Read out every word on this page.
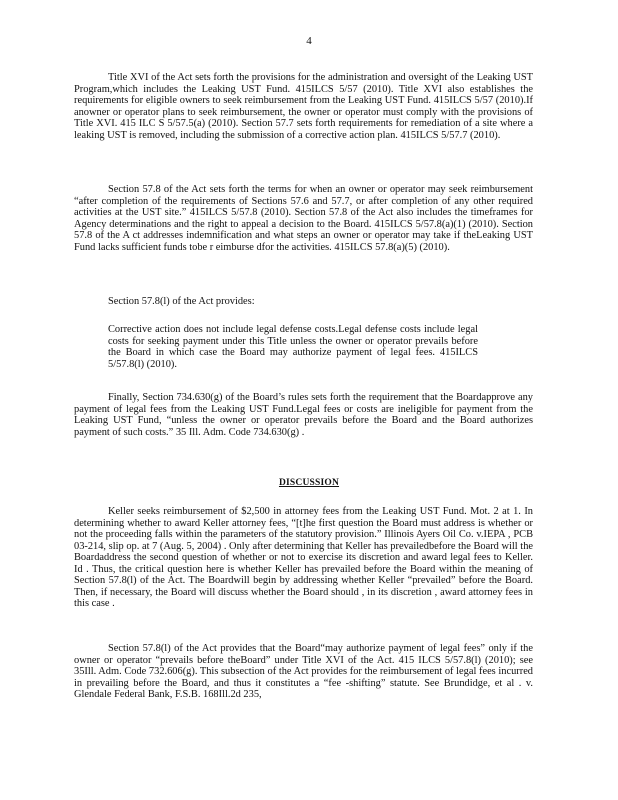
4

Title XVI of the Act sets forth the provisions for the administration and oversight of the Leaking UST Program,which includes the Leaking UST Fund. 415ILCS 5/57 (2010). Title XVI also establishes the requirements for eligible owners to seek reimbursement from the Leaking UST Fund. 415ILCS 5/57 (2010).If anowner or operator plans to seek reimbursement, the owner or operator must comply with the provisions of Title XVI. 415 ILC S 5/57.5(a) (2010). Section 57.7 sets forth requirements for remediation of a site where a leaking UST is removed, including the submission of a corrective action plan. 415ILCS 5/57.7 (2010).

Section 57.8 of the Act sets forth the terms for when an owner or operator may seek reimbursement “after completion of the requirements of Sections 57.6 and 57.7, or after completion of any other required activities at the UST site.” 415ILCS 5/57.8 (2010). Section 57.8 of the Act also includes the timeframes for Agency determinations and the right to appeal a decision to the Board. 415ILCS 5/57.8(a)(1) (2010). Section 57.8 of the A ct addresses indemnification and what steps an owner or operator may take if theLeaking UST Fund lacks sufficient funds tobe r eimburse dfor the activities. 415ILCS 57.8(a)(5) (2010).

Section 57.8(l) of the Act provides:

Corrective action does not include legal defense costs.Legal defense costs include legal costs for seeking payment under this Title unless the owner or operator prevails before the Board in which case the Board may authorize payment of legal fees. 415ILCS 5/57.8(l) (2010).

Finally, Section 734.630(g) of the Board’s rules sets forth the requirement that the Boardapprove any payment of legal fees from the Leaking UST Fund.Legal fees or costs are ineligible for payment from the Leaking UST Fund, “unless the owner or operator prevails before the Board and the Board authorizes payment of such costs.” 35 Ill. Adm. Code 734.630(g) .

DISCUSSION

Keller seeks reimbursement of $2,500 in attorney fees from the Leaking UST Fund. Mot. 2 at 1. In determining whether to award Keller attorney fees, “[t]he first question the Board must address is whether or not the proceeding falls within the parameters of the statutory provision.” Illinois Ayers Oil Co. v.IEPA , PCB 03-214, slip op. at 7 (Aug. 5, 2004) . Only after determining that Keller has prevailedbefore the Board will the Boardaddress the second question of whether or not to exercise its discretion and award legal fees to Keller. Id . Thus, the critical question here is whether Keller has prevailed before the Board within the meaning of Section 57.8(l) of the Act. The Boardwill begin by addressing whether Keller “prevailed” before the Board. Then, if necessary, the Board will discuss whether the Board should , in its discretion , award attorney fees in this case .

Section 57.8(l) of the Act provides that the Board“may authorize payment of legal fees” only if the owner or operator “prevails before theBoard” under Title XVI of the Act. 415 ILCS 5/57.8(l) (2010); see 35Ill. Adm. Code 732.606(g). This subsection of the Act provides for the reimbursement of legal fees incurred in prevailing before the Board, and thus it constitutes a “fee -shifting” statute. See Brundidge, et al . v. Glendale Federal Bank, F.S.B. 168Ill.2d 235,
